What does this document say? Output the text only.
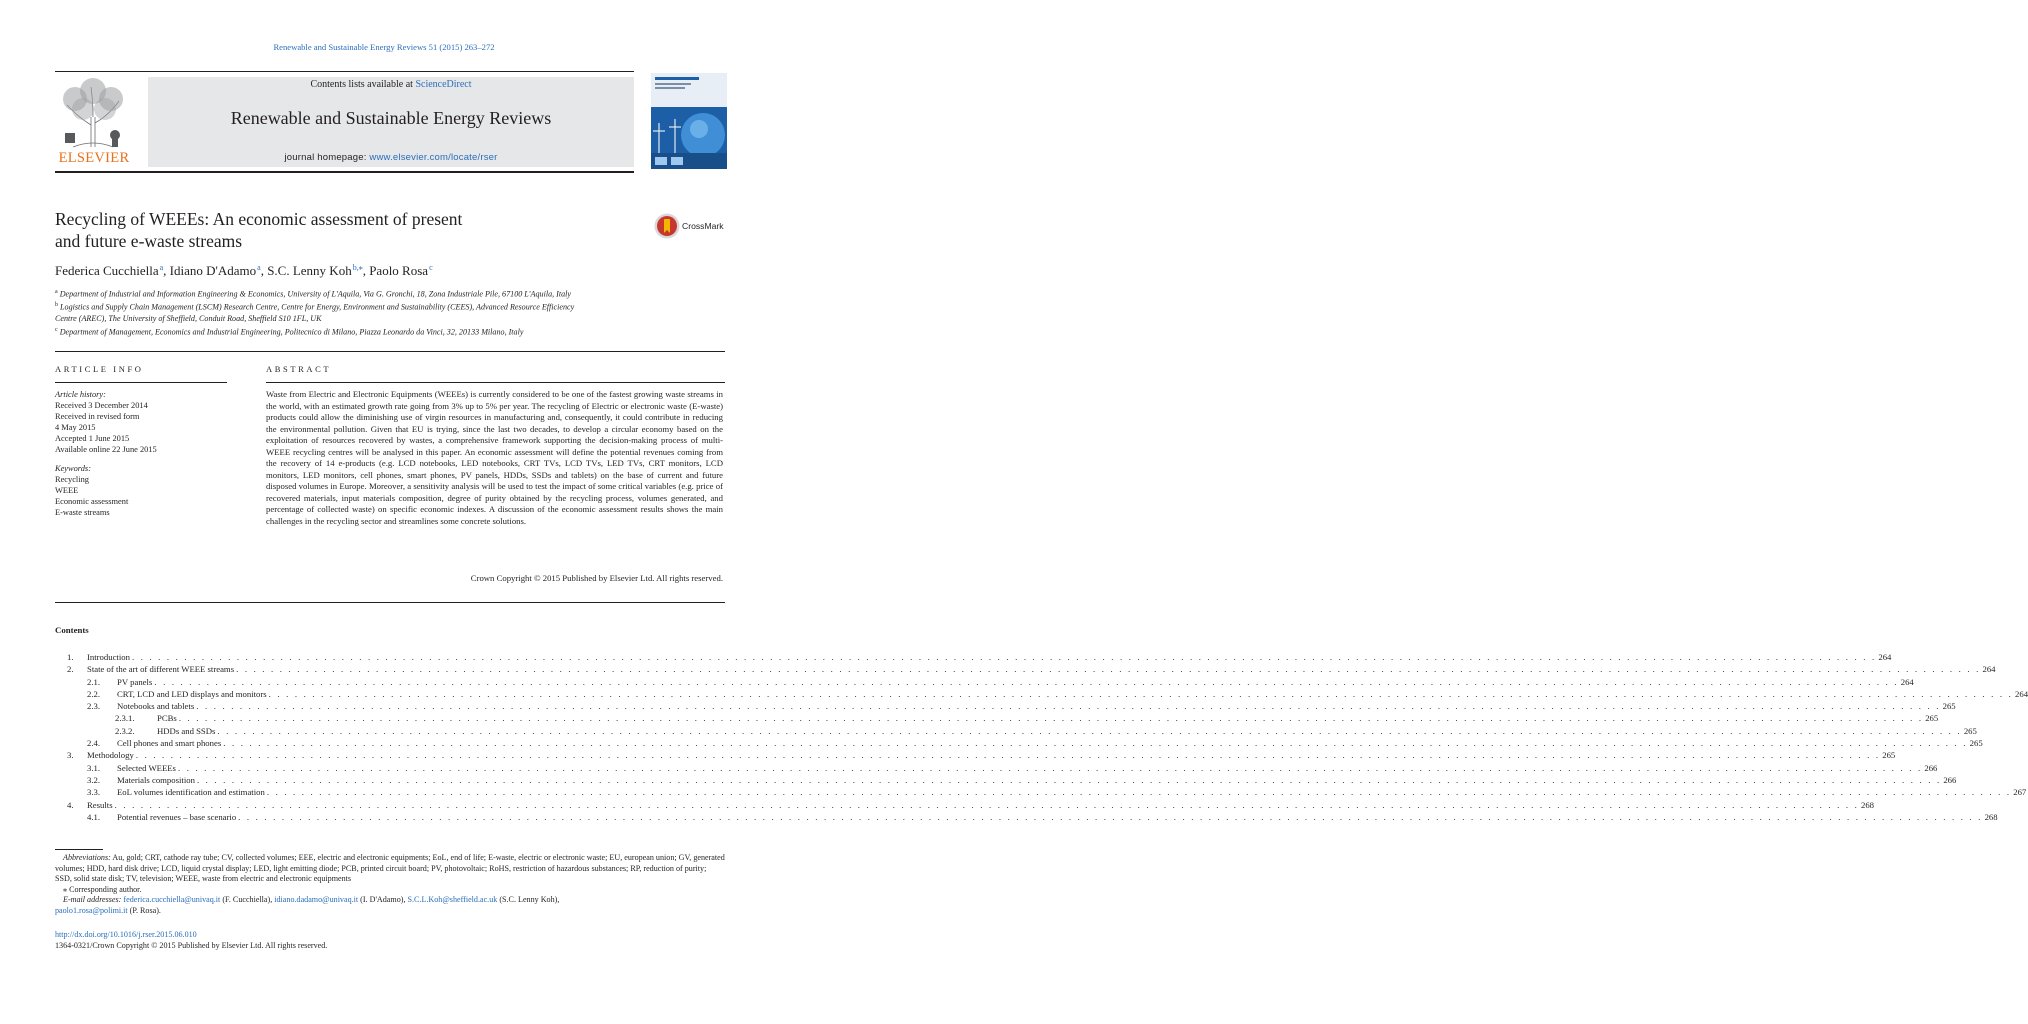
Renewable and Sustainable Energy Reviews 51 (2015) 263–272
ELSEVIER
Contents lists available at ScienceDirect
Renewable and Sustainable Energy Reviews
journal homepage: www.elsevier.com/locate/rser
Recycling of WEEEs: An economic assessment of present
and future e-waste streams
CrossMark
Federica Cucchiella$^a$, Idiano D'Adamo$^a$, S.C. Lenny Koh$^{b,⁎}$, Paolo Rosa$^c$
$^a$ Department of Industrial and Information Engineering & Economics, University of L'Aquila, Via G. Gronchi, 18, Zona Industriale Pile, 67100 L'Aquila, Italy
$^b$ Logistics and Supply Chain Management (LSCM) Research Centre, Centre for Energy, Environment and Sustainability (CEES), Advanced Resource Efficiency
Centre (AREC), The University of Sheffield, Conduit Road, Sheffield S10 1FL, UK
$^c$ Department of Management, Economics and Industrial Engineering, Politecnico di Milano, Piazza Leonardo da Vinci, 32, 20133 Milano, Italy
ARTICLE INFO	ABSTRACT
Article history:
Received 3 December 2014
Received in revised form
4 May 2015
Accepted 1 June 2015
Available online 22 June 2015
Keywords:
Recycling
WEEE
Economic assessment
E-waste streams
Waste from Electric and Electronic Equipments (WEEEs) is currently considered to be one of the fastest growing waste streams in the world, with an estimated growth rate going from 3% up to 5% per year. The recycling of Electric or electronic waste (E-waste) products could allow the diminishing use of virgin resources in manufacturing and, consequently, it could contribute in reducing the environmental pollution. Given that EU is trying, since the last two decades, to develop a circular economy based on the exploitation of resources recovered by wastes, a comprehensive framework supporting the decision-making process of multi-WEEE recycling centres will be analysed in this paper. An economic assessment will define the potential revenues coming from the recovery of 14 e-products (e.g. LCD notebooks, LED notebooks, CRT TVs, LCD TVs, LED TVs, CRT monitors, LCD monitors, LED monitors, cell phones, smart phones, PV panels, HDDs, SSDs and tablets) on the base of current and future disposed volumes in Europe. Moreover, a sensitivity analysis will be used to test the impact of some critical variables (e.g. price of recovered materials, input materials composition, degree of purity obtained by the recycling process, volumes generated, and percentage of collected waste) on specific economic indexes. A discussion of the economic assessment results shows the main challenges in the recycling sector and streamlines some concrete solutions.
Crown Copyright © 2015 Published by Elsevier Ltd. All rights reserved.
Contents
1. Introduction . . . . . . . . . . . . . . . . . . . . . . . . . . . . . . . . . . . . . . . . . . . . . . . . . . . . . . . . . . . . . . . . . . . . . . . . . . . . . . . . . . . . . . . . . . . . . . . . . . . . . . . . . . . . . . . . . . . . . . . . . . . . . . . . . . . . . . . . . . . . . . . . . . . . . . . . . . . . . . . . . . . . . . . . . . . . . . . . . . . . . . . . . . . . . . . . . . . . . . . . 264
2. State of the art of different WEEE streams . . . . . . . . . . . . . . . . . . . . . . . . . . . . . . . . . . . . . . . . . . . . . . . . . . . . . . . . . . . . . . . . . . . . . . . . . . . . . . . . . . . . . . . . . . . . . . . . . . . . . . . . . . . . . . . . . . . . . . . . . . . . . . . . . . . . . . . . . . . . . . . . . . . . . . . . . . . . . . . . . . . . . . . . . . . . . . . . . . . . . . . . . . . . . . . . . . . . . . . . 264
2.1. PV panels . . . . . . . . . . . . . . . . . . . . . . . . . . . . . . . . . . . . . . . . . . . . . . . . . . . . . . . . . . . . . . . . . . . . . . . . . . . . . . . . . . . . . . . . . . . . . . . . . . . . . . . . . . . . . . . . . . . . . . . . . . . . . . . . . . . . . . . . . . . . . . . . . . . . . . . . . . . . . . . . . . . . . . . . . . . . . . . . . . . . . . . . . . . . . . . . . . . . . . . . 264
2.2. CRT, LCD and LED displays and monitors . . . . . . . . . . . . . . . . . . . . . . . . . . . . . . . . . . . . . . . . . . . . . . . . . . . . . . . . . . . . . . . . . . . . . . . . . . . . . . . . . . . . . . . . . . . . . . . . . . . . . . . . . . . . . . . . . . . . . . . . . . . . . . . . . . . . . . . . . . . . . . . . . . . . . . . . . . . . . . . . . . . . . . . . . . . . . . . . . . . . . . . . . . . . . . . . . . . . . . . . 264
2.3. Notebooks and tablets . . . . . . . . . . . . . . . . . . . . . . . . . . . . . . . . . . . . . . . . . . . . . . . . . . . . . . . . . . . . . . . . . . . . . . . . . . . . . . . . . . . . . . . . . . . . . . . . . . . . . . . . . . . . . . . . . . . . . . . . . . . . . . . . . . . . . . . . . . . . . . . . . . . . . . . . . . . . . . . . . . . . . . . . . . . . . . . . . . . . . . . . . . . . . . . . . . . . . . . . 265
2.3.1.	PCBs . . . . . . . . . . . . . . . . . . . . . . . . . . . . . . . . . . . . . . . . . . . . . . . . . . . . . . . . . . . . . . . . . . . . . . . . . . . . . . . . . . . . . . . . . . . . . . . . . . . . . . . . . . . . . . . . . . . . . . . . . . . . . . . . . . . . . . . . . . . . . . . . . . . . . . . . . . . . . . . . . . . . . . . . . . . . . . . . . . . . . . . . . . . . . . . . . . . . . . . . 265
2.3.2.	HDDs and SSDs . . . . . . . . . . . . . . . . . . . . . . . . . . . . . . . . . . . . . . . . . . . . . . . . . . . . . . . . . . . . . . . . . . . . . . . . . . . . . . . . . . . . . . . . . . . . . . . . . . . . . . . . . . . . . . . . . . . . . . . . . . . . . . . . . . . . . . . . . . . . . . . . . . . . . . . . . . . . . . . . . . . . . . . . . . . . . . . . . . . . . . . . . . . . . . . . . . . . . . . . 265
2.4. Cell phones and smart phones . . . . . . . . . . . . . . . . . . . . . . . . . . . . . . . . . . . . . . . . . . . . . . . . . . . . . . . . . . . . . . . . . . . . . . . . . . . . . . . . . . . . . . . . . . . . . . . . . . . . . . . . . . . . . . . . . . . . . . . . . . . . . . . . . . . . . . . . . . . . . . . . . . . . . . . . . . . . . . . . . . . . . . . . . . . . . . . . . . . . . . . . . . . . . . . . . . . . . . . . 265
3. Methodology . . . . . . . . . . . . . . . . . . . . . . . . . . . . . . . . . . . . . . . . . . . . . . . . . . . . . . . . . . . . . . . . . . . . . . . . . . . . . . . . . . . . . . . . . . . . . . . . . . . . . . . . . . . . . . . . . . . . . . . . . . . . . . . . . . . . . . . . . . . . . . . . . . . . . . . . . . . . . . . . . . . . . . . . . . . . . . . . . . . . . . . . . . . . . . . . . . . . . . . . 265
3.1. Selected WEEEs . . . . . . . . . . . . . . . . . . . . . . . . . . . . . . . . . . . . . . . . . . . . . . . . . . . . . . . . . . . . . . . . . . . . . . . . . . . . . . . . . . . . . . . . . . . . . . . . . . . . . . . . . . . . . . . . . . . . . . . . . . . . . . . . . . . . . . . . . . . . . . . . . . . . . . . . . . . . . . . . . . . . . . . . . . . . . . . . . . . . . . . . . . . . . . . . . . . . . . . . 266
3.2. Materials composition . . . . . . . . . . . . . . . . . . . . . . . . . . . . . . . . . . . . . . . . . . . . . . . . . . . . . . . . . . . . . . . . . . . . . . . . . . . . . . . . . . . . . . . . . . . . . . . . . . . . . . . . . . . . . . . . . . . . . . . . . . . . . . . . . . . . . . . . . . . . . . . . . . . . . . . . . . . . . . . . . . . . . . . . . . . . . . . . . . . . . . . . . . . . . . . . . . . . . . . . 266
3.3. EoL volumes identification and estimation . . . . . . . . . . . . . . . . . . . . . . . . . . . . . . . . . . . . . . . . . . . . . . . . . . . . . . . . . . . . . . . . . . . . . . . . . . . . . . . . . . . . . . . . . . . . . . . . . . . . . . . . . . . . . . . . . . . . . . . . . . . . . . . . . . . . . . . . . . . . . . . . . . . . . . . . . . . . . . . . . . . . . . . . . . . . . . . . . . . . . . . . . . . . . . . . . . . . . . . . 267
4. Results . . . . . . . . . . . . . . . . . . . . . . . . . . . . . . . . . . . . . . . . . . . . . . . . . . . . . . . . . . . . . . . . . . . . . . . . . . . . . . . . . . . . . . . . . . . . . . . . . . . . . . . . . . . . . . . . . . . . . . . . . . . . . . . . . . . . . . . . . . . . . . . . . . . . . . . . . . . . . . . . . . . . . . . . . . . . . . . . . . . . . . . . . . . . . . . . . . . . . . . . 268
4.1. Potential revenues – base scenario . . . . . . . . . . . . . . . . . . . . . . . . . . . . . . . . . . . . . . . . . . . . . . . . . . . . . . . . . . . . . . . . . . . . . . . . . . . . . . . . . . . . . . . . . . . . . . . . . . . . . . . . . . . . . . . . . . . . . . . . . . . . . . . . . . . . . . . . . . . . . . . . . . . . . . . . . . . . . . . . . . . . . . . . . . . . . . . . . . . . . . . . . . . . . . . . . . . . . . . . 268
Abbreviations: Au, gold; CRT, cathode ray tube; CV, collected volumes; EEE, electric and electronic equipments; EoL, end of life; E-waste, electric or electronic waste; EU, european union; GV, generated volumes; HDD, hard disk drive; LCD, liquid crystal display; LED, light emitting diode; PCB, printed circuit board; PV, photovoltaic; RoHS, restriction of hazardous substances; RP, reduction of purity; SSD, solid state disk; TV, television; WEEE, waste from electric and electronic equipments
⁎ Corresponding author.
E-mail addresses: federica.cucchiella@univaq.it (F. Cucchiella), idiano.dadamo@univaq.it (I. D'Adamo), S.C.L.Koh@sheffield.ac.uk (S.C. Lenny Koh),
paolo1.rosa@polimi.it (P. Rosa).
http://dx.doi.org/10.1016/j.rser.2015.06.010
1364-0321/Crown Copyright © 2015 Published by Elsevier Ltd. All rights reserved.
